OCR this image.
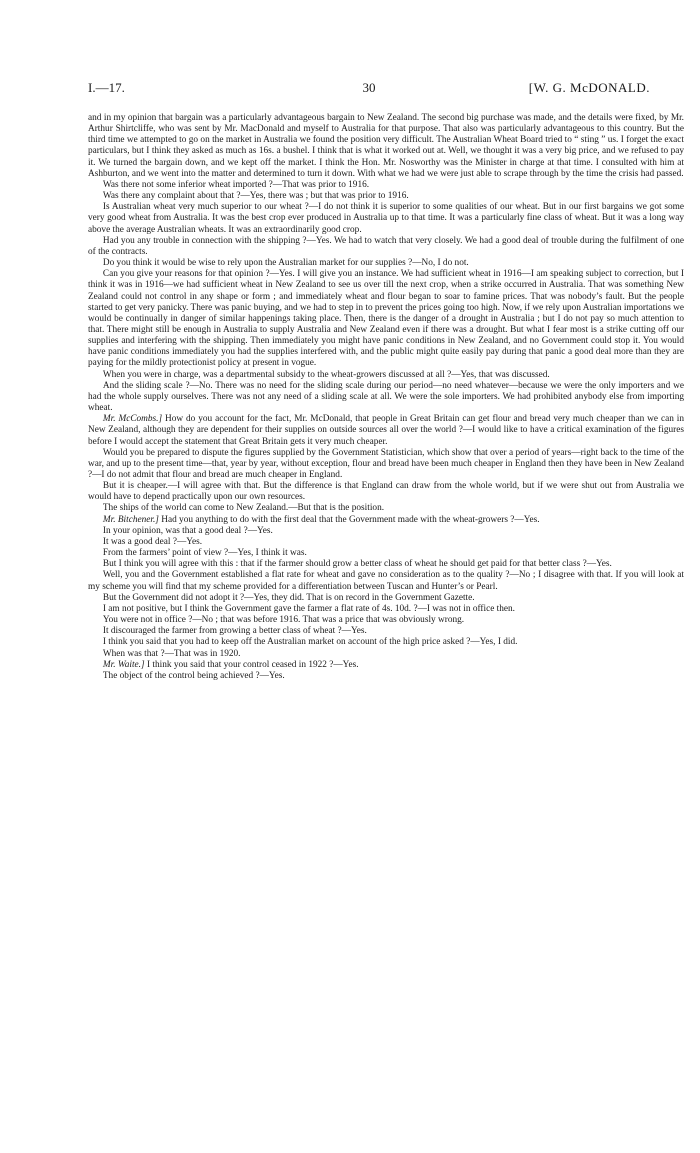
I.—17.	30	[W. G. McDONALD.

and in my opinion that bargain was a particularly advantageous bargain to New Zealand. The second big purchase was made, and the details were fixed, by Mr. Arthur Shirtcliffe, who was sent by Mr. MacDonald and myself to Australia for that purpose. That also was particularly advantageous to this country. But the third time we attempted to go on the market in Australia we found the position very difficult. The Australian Wheat Board tried to “ sting ” us. I forget the exact particulars, but I think they asked as much as 16s. a bushel. I think that is what it worked out at. Well, we thought it was a very big price, and we refused to pay it. We turned the bargain down, and we kept off the market. I think the Hon. Mr. Nosworthy was the Minister in charge at that time. I consulted with him at Ashburton, and we went into the matter and determined to turn it down. With what we had we were just able to scrape through by the time the crisis had passed.

Was there not some inferior wheat imported ?—That was prior to 1916.

Was there any complaint about that ?—Yes, there was ; but that was prior to 1916.

Is Australian wheat very much superior to our wheat ?—I do not think it is superior to some qualities of our wheat. But in our first bargains we got some very good wheat from Australia. It was the best crop ever produced in Australia up to that time. It was a particularly fine class of wheat. But it was a long way above the average Australian wheats. It was an extraordinarily good crop.

Had you any trouble in connection with the shipping ?—Yes. We had to watch that very closely. We had a good deal of trouble during the fulfilment of one of the contracts.

Do you think it would be wise to rely upon the Australian market for our supplies ?—No, I do not.

Can you give your reasons for that opinion ?—Yes. I will give you an instance. We had sufficient wheat in 1916—I am speaking subject to correction, but I think it was in 1916—we had sufficient wheat in New Zealand to see us over till the next crop, when a strike occurred in Australia. That was something New Zealand could not control in any shape or form ; and immediately wheat and flour began to soar to famine prices. That was nobody’s fault. But the people started to get very panicky. There was panic buying, and we had to step in to prevent the prices going too high. Now, if we rely upon Australian importations we would be continually in danger of similar happenings taking place. Then, there is the danger of a drought in Australia ; but I do not pay so much attention to that. There might still be enough in Australia to supply Australia and New Zealand even if there was a drought. But what I fear most is a strike cutting off our supplies and interfering with the shipping. Then immediately you might have panic conditions in New Zealand, and no Government could stop it. You would have panic conditions immediately you had the supplies interfered with, and the public might quite easily pay during that panic a good deal more than they are paying for the mildly protectionist policy at present in vogue.

When you were in charge, was a departmental subsidy to the wheat-growers discussed at all ?—Yes, that was discussed.

And the sliding scale ?—No. There was no need for the sliding scale during our period—no need whatever—because we were the only importers and we had the whole supply ourselves. There was not any need of a sliding scale at all. We were the sole importers. We had prohibited anybody else from importing wheat.

Mr. McCombs.] How do you account for the fact, Mr. McDonald, that people in Great Britain can get flour and bread very much cheaper than we can in New Zealand, although they are dependent for their supplies on outside sources all over the world ?—I would like to have a critical examination of the figures before I would accept the statement that Great Britain gets it very much cheaper.

Would you be prepared to dispute the figures supplied by the Government Statistician, which show that over a period of years—right back to the time of the war, and up to the present time—that, year by year, without exception, flour and bread have been much cheaper in England then they have been in New Zealand ?—I do not admit that flour and bread are much cheaper in England.

But it is cheaper.—I will agree with that. But the difference is that England can draw from the whole world, but if we were shut out from Australia we would have to depend practically upon our own resources.

The ships of the world can come to New Zealand.—But that is the position.

Mr. Bitchener.] Had you anything to do with the first deal that the Government made with the wheat-growers ?—Yes.

In your opinion, was that a good deal ?—Yes.

It was a good deal ?—Yes.

From the farmers’ point of view ?—Yes, I think it was.

But I think you will agree with this : that if the farmer should grow a better class of wheat he should get paid for that better class ?—Yes.

Well, you and the Government established a flat rate for wheat and gave no consideration as to the quality ?—No ; I disagree with that. If you will look at my scheme you will find that my scheme provided for a differentiation between Tuscan and Hunter’s or Pearl.

But the Government did not adopt it ?—Yes, they did. That is on record in the Government Gazette.

I am not positive, but I think the Government gave the farmer a flat rate of 4s. 10d. ?—I was not in office then.

You were not in office ?—No ; that was before 1916. That was a price that was obviously wrong.

It discouraged the farmer from growing a better class of wheat ?—Yes.

I think you said that you had to keep off the Australian market on account of the high price asked ?—Yes, I did.

When was that ?—That was in 1920.

Mr. Waite.] I think you said that your control ceased in 1922 ?—Yes.

The object of the control being achieved ?—Yes.
